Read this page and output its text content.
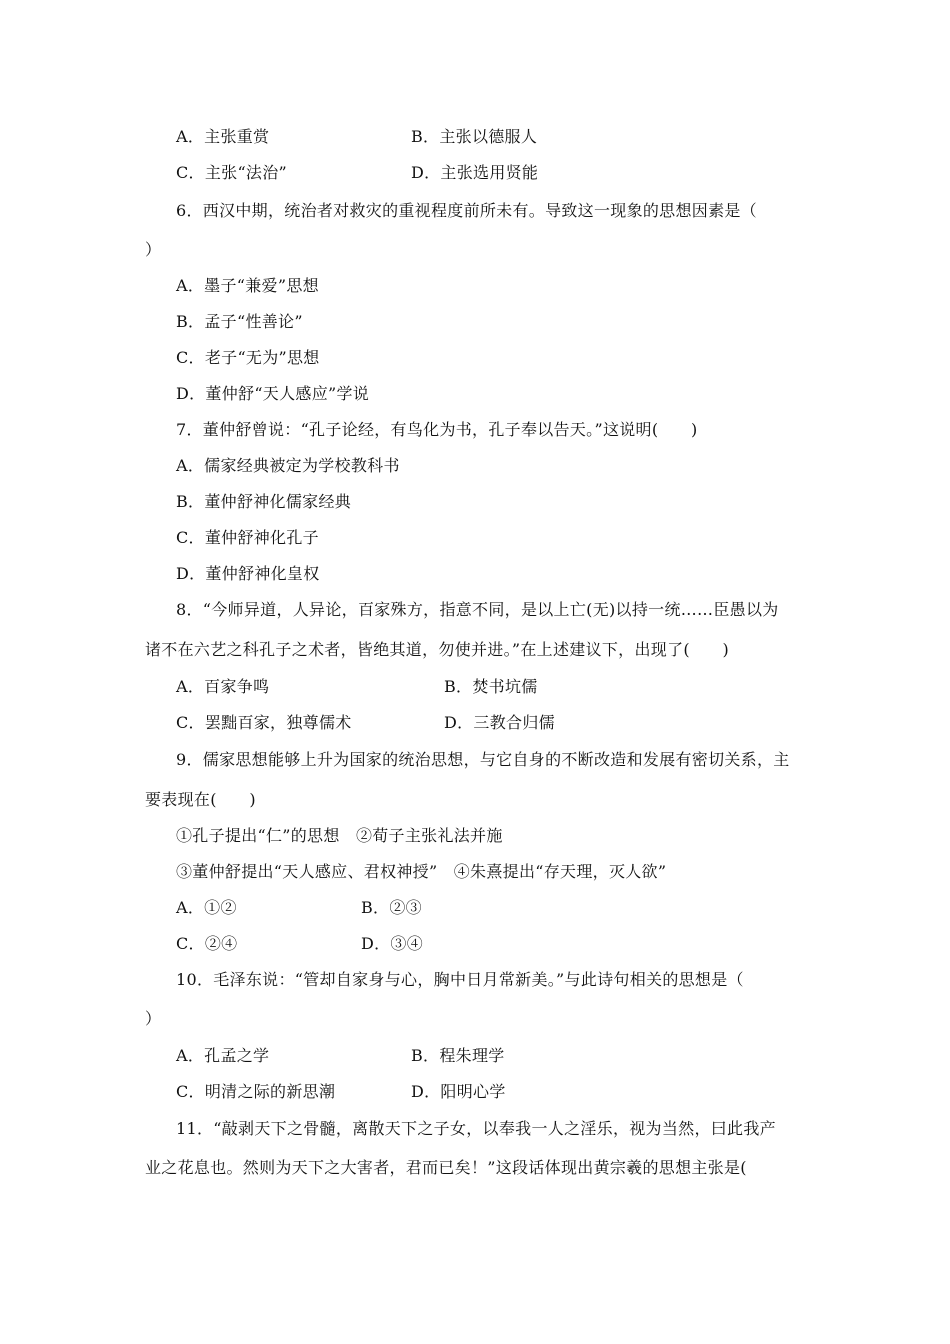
A．主张重赏	B．主张以德服人
C．主张“法治”	D．主张选用贤能
6．西汉中期，统治者对救灾的重视程度前所未有。导致这一现象的思想因素是（
）
A．墨子“兼爱”思想
B．孟子“性善论”
C．老子“无为”思想
D．董仲舒“天人感应”学说
7．董仲舒曾说：“孔子论经，有鸟化为书，孔子奉以告天。”这说明(　　)
A．儒家经典被定为学校教科书
B．董仲舒神化儒家经典
C．董仲舒神化孔子
D．董仲舒神化皇权
8．“今师异道，人异论，百家殊方，指意不同，是以上亡(无)以持一统……臣愚以为
诸不在六艺之科孔子之术者，皆绝其道，勿使并进。”在上述建议下，出现了(　　)
A．百家争鸣	B．焚书坑儒
C．罢黜百家，独尊儒术	D．三教合归儒
9．儒家思想能够上升为国家的统治思想，与它自身的不断改造和发展有密切关系，主
要表现在(　　)
①孔子提出“仁”的思想　②荀子主张礼法并施
③董仲舒提出“天人感应、君权神授”　④朱熹提出“存天理，灭人欲”
A．①②	B．②③
C．②④	D．③④
10．毛泽东说：“管却自家身与心，胸中日月常新美。”与此诗句相关的思想是（
）
A．孔孟之学	B．程朱理学
C．明清之际的新思潮	D．阳明心学
11．“敲剥天下之骨髓，离散天下之子女，以奉我一人之淫乐，视为当然，曰此我产
业之花息也。然则为天下之大害者，君而已矣！”这段话体现出黄宗羲的思想主张是(
